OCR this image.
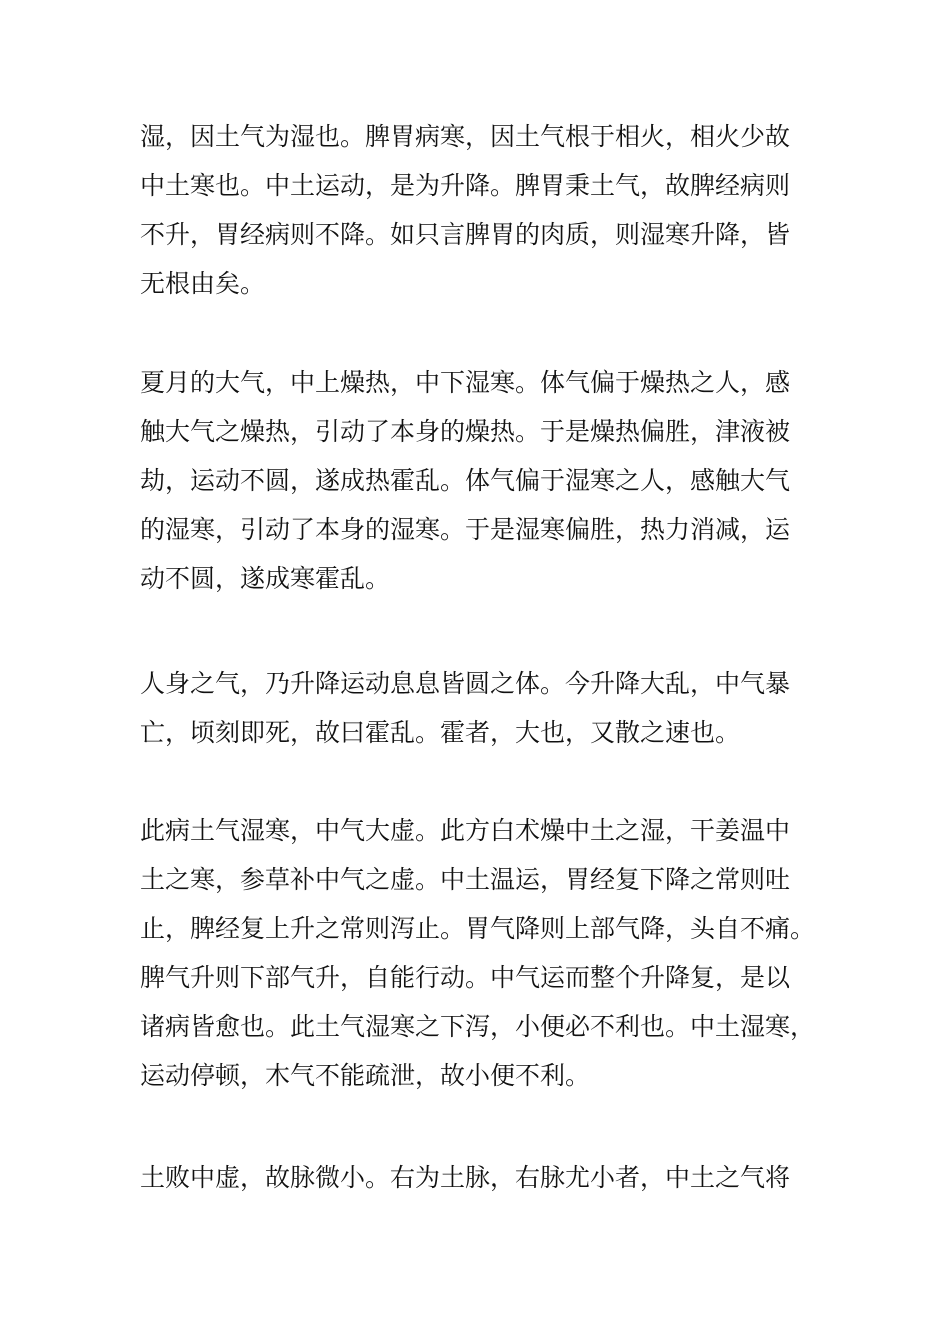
湿，因土气为湿也。脾胃病寒，因土气根于相火，相火少故
中土寒也。中土运动，是为升降。脾胃秉土气，故脾经病则
不升，胃经病则不降。如只言脾胃的肉质，则湿寒升降，皆
无根由矣。

夏月的大气，中上燥热，中下湿寒。体气偏于燥热之人，感
触大气之燥热，引动了本身的燥热。于是燥热偏胜，津液被
劫，运动不圆，遂成热霍乱。体气偏于湿寒之人，感触大气
的湿寒，引动了本身的湿寒。于是湿寒偏胜，热力消减，运
动不圆，遂成寒霍乱。

人身之气，乃升降运动息息皆圆之体。今升降大乱，中气暴
亡，顷刻即死，故曰霍乱。霍者，大也，又散之速也。

此病土气湿寒，中气大虚。此方白术燥中土之湿，干姜温中
土之寒，参草补中气之虚。中土温运，胃经复下降之常则吐
止，脾经复上升之常则泻止。胃气降则上部气降，头自不痛。
脾气升则下部气升，自能行动。中气运而整个升降复，是以
诸病皆愈也。此土气湿寒之下泻，小便必不利也。中土湿寒，
运动停顿，木气不能疏泄，故小便不利。

土败中虚，故脉微小。右为土脉，右脉尤小者，中土之气将
